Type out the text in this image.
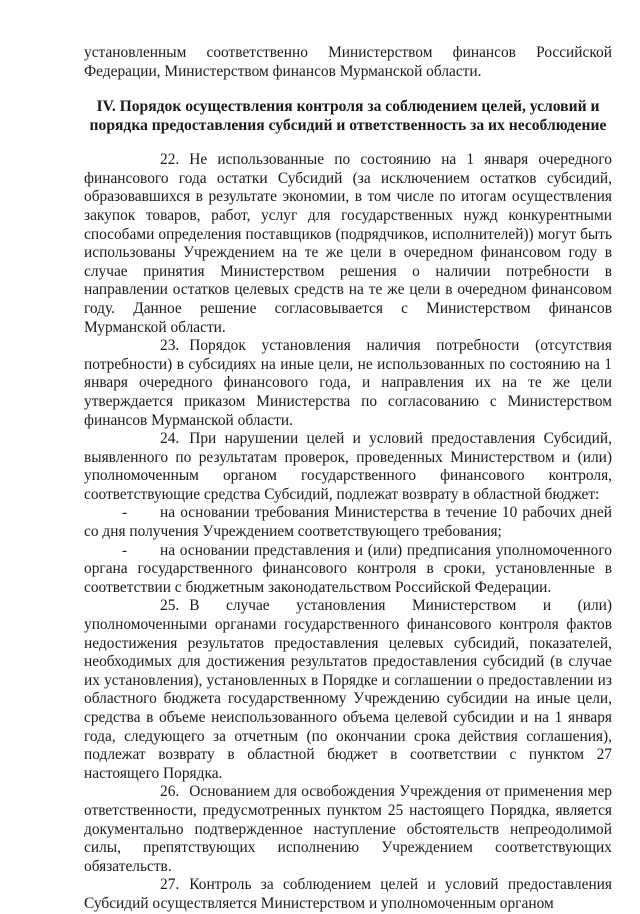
установленным соответственно Министерством финансов Российской Федерации, Министерством финансов Мурманской области.

IV. Порядок осуществления контроля за соблюдением целей, условий и порядка предоставления субсидий и ответственность за их несоблюдение

22. Не использованные по состоянию на 1 января очередного финансового года остатки Субсидий (за исключением остатков субсидий, образовавшихся в результате экономии, в том числе по итогам осуществления закупок товаров, работ, услуг для государственных нужд конкурентными способами определения поставщиков (подрядчиков, исполнителей)) могут быть использованы Учреждением на те же цели в очередном финансовом году в случае принятия Министерством решения о наличии потребности в направлении остатков целевых средств на те же цели в очередном финансовом году. Данное решение согласовывается с Министерством финансов Мурманской области.

23. Порядок установления наличия потребности (отсутствия потребности) в субсидиях на иные цели, не использованных по состоянию на 1 января очередного финансового года, и направления их на те же цели утверждается приказом Министерства по согласованию с Министерством финансов Мурманской области.

24. При нарушении целей и условий предоставления Субсидий, выявленного по результатам проверок, проведенных Министерством и (или) уполномоченным органом государственного финансового контроля, соответствующие средства Субсидий, подлежат возврату в областной бюджет:

- на основании требования Министерства в течение 10 рабочих дней со дня получения Учреждением соответствующего требования;

- на основании представления и (или) предписания уполномоченного органа государственного финансового контроля в сроки, установленные в соответствии с бюджетным законодательством Российской Федерации.

25. В случае установления Министерством и (или) уполномоченными органами государственного финансового контроля фактов недостижения результатов предоставления целевых субсидий, показателей, необходимых для достижения результатов предоставления субсидий (в случае их установления), установленных в Порядке и соглашении о предоставлении из областного бюджета государственному Учреждению субсидии на иные цели, средства в объеме неиспользованного объема целевой субсидии и на 1 января года, следующего за отчетным (по окончании срока действия соглашения), подлежат возврату в областной бюджет в соответствии с пунктом 27 настоящего Порядка.

26. Основанием для освобождения Учреждения от применения мер ответственности, предусмотренных пунктом 25 настоящего Порядка, является документально подтвержденное наступление обстоятельств непреодолимой силы, препятствующих исполнению Учреждением соответствующих обязательств.

27. Контроль за соблюдением целей и условий предоставления Субсидий осуществляется Министерством и уполномоченным органом
